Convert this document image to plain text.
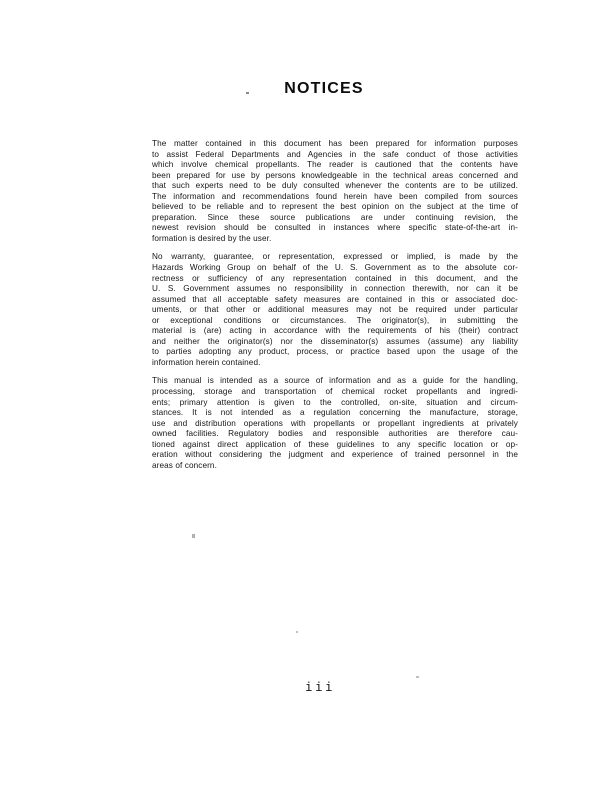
NOTICES
The matter contained in this document has been prepared for information purposes
to assist Federal Departments and Agencies in the safe conduct of those activities
which involve chemical propellants. The reader is cautioned that the contents have
been prepared for use by persons knowledgeable in the technical areas concerned and
that such experts need to be duly consulted whenever the contents are to be utilized.
The information and recommendations found herein have been compiled from sources
believed to be reliable and to represent the best opinion on the subject at the time of
preparation. Since these source publications are under continuing revision, the
newest revision should be consulted in instances where specific state-of-the-art in-
formation is desired by the user.
No warranty, guarantee, or representation, expressed or implied, is made by the
Hazards Working Group on behalf of the U. S. Government as to the absolute cor-
rectness or sufficiency of any representation contained in this document, and the
U. S. Government assumes no responsibility in connection therewith, nor can it be
assumed that all acceptable safety measures are contained in this or associated doc-
uments, or that other or additional measures may not be required under particular
or exceptional conditions or circumstances. The originator(s), in submitting the
material is (are) acting in accordance with the requirements of his (their) contract
and neither the originator(s) nor the disseminator(s) assumes (assume) any liability
to parties adopting any product, process, or practice based upon the usage of the
information herein contained.
This manual is intended as a source of information and as a guide for the handling,
processing, storage and transportation of chemical rocket propellants and ingredi-
ents; primary attention is given to the controlled, on-site, situation and circum-
stances. It is not intended as a regulation concerning the manufacture, storage,
use and distribution operations with propellants or propellant ingredients at privately
owned facilities. Regulatory bodies and responsible authorities are therefore cau-
tioned against direct application of these guidelines to any specific location or op-
eration without considering the judgment and experience of trained personnel in the
areas of concern.
iii
